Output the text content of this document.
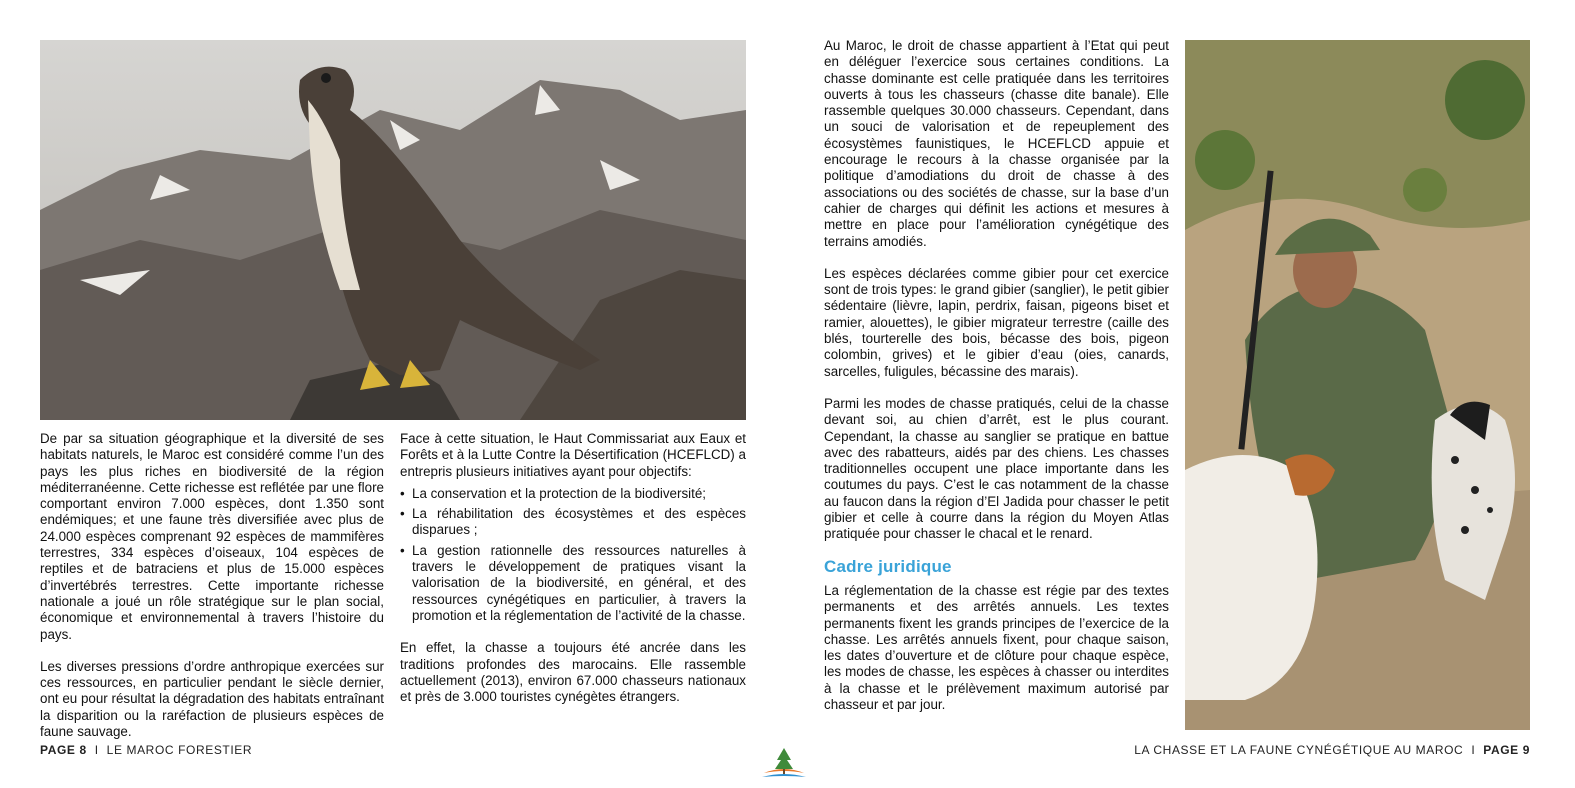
De par sa situation géographique et la diversité de ses habitats naturels, le Maroc est considéré comme l’un des pays les plus riches en biodiversité de la région méditerranéenne. Cette richesse est reflétée par une flore comportant environ 7.000 espèces, dont 1.350 sont endémiques; et une faune très diversifiée avec plus de 24.000 espèces comprenant 92 espèces de mammifères terrestres, 334 espèces d’oiseaux, 104 espèces de reptiles et de batraciens et plus de 15.000 espèces d’invertébrés terrestres. Cette importante richesse nationale a joué un rôle stratégique sur le plan social, économique et environnemental à travers l’histoire du pays.

Les diverses pressions d’ordre anthropique exercées sur ces ressources, en particulier pendant le siècle dernier, ont eu pour résultat la dégradation des habitats entraînant la disparition ou la raréfaction de plusieurs espèces de faune sauvage.

Face à cette situation, le Haut Commissariat aux Eaux et Forêts et à la Lutte Contre la Désertification (HCEFLCD) a entrepris plusieurs initiatives ayant pour objectifs:

• La conservation et la protection de la biodiversité;
• La réhabilitation des écosystèmes et des espèces disparues ;
• La gestion rationnelle des ressources naturelles à travers le développement de pratiques visant la valorisation de la biodiversité, en général, et des ressources cynégétiques en particulier, à travers la promotion et la réglementation de l’activité de la chasse.

En effet, la chasse a toujours été ancrée dans les traditions profondes des marocains. Elle rassemble actuellement (2013), environ 67.000 chasseurs nationaux et près de 3.000 touristes cynégètes étrangers.

Au Maroc, le droit de chasse appartient à l’Etat qui peut en déléguer l’exercice sous certaines conditions. La chasse dominante est celle pratiquée dans les territoires ouverts à tous les chasseurs (chasse dite banale). Elle rassemble quelques 30.000 chasseurs. Cependant, dans un souci de valorisation et de repeuplement des écosystèmes faunistiques, le HCEFLCD appuie et encourage le recours à la chasse organisée par la politique d’amodiations du droit de chasse à des associations ou des sociétés de chasse, sur la base d’un cahier de charges qui définit les actions et mesures à mettre en place pour l’amélioration cynégétique des terrains amodiés.

Les espèces déclarées comme gibier pour cet exercice sont de trois types: le grand gibier (sanglier), le petit gibier sédentaire (lièvre, lapin, perdrix, faisan, pigeons biset et ramier, alouettes), le gibier migrateur terrestre (caille des blés, tourterelle des bois, bécasse des bois, pigeon colombin, grives) et le gibier d’eau (oies, canards, sarcelles, fuligules, bécassine des marais).

Parmi les modes de chasse pratiqués, celui de la chasse devant soi, au chien d’arrêt, est le plus courant. Cependant, la chasse au sanglier se pratique en battue avec des rabatteurs, aidés par des chiens. Les chasses traditionnelles occupent une place importante dans les coutumes du pays. C’est le cas notamment de la chasse au faucon dans la région d’El Jadida pour chasser le petit gibier et celle à courre dans la région du Moyen Atlas pratiquée pour chasser le chacal et le renard.

Cadre juridique

La réglementation de la chasse est régie par des textes permanents et des arrêtés annuels. Les textes permanents fixent les grands principes de l’exercice de la chasse. Les arrêtés annuels fixent, pour chaque saison, les dates d’ouverture et de clôture pour chaque espèce, les modes de chasse, les espèces à chasser ou interdites à la chasse et le prélèvement maximum autorisé par chasseur et par jour.

PAGE 8 I LE MAROC FORESTIER	LA CHASSE ET LA FAUNE CYNÉGÉTIQUE AU MAROC I PAGE 9
